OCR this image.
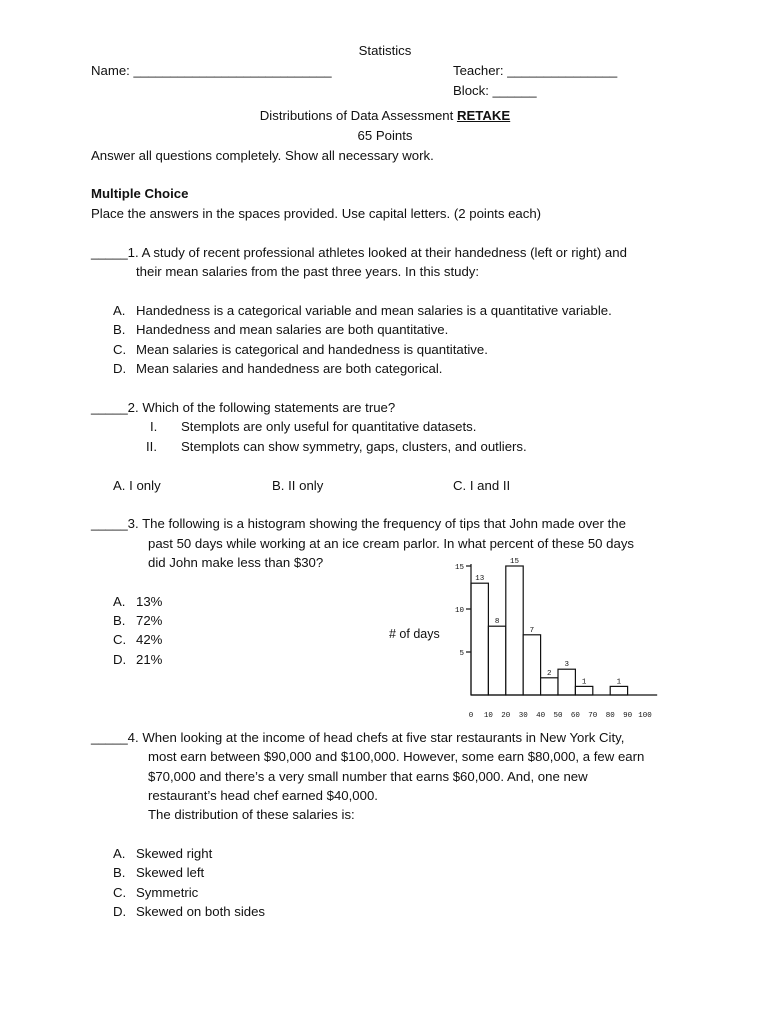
Statistics
Name: ___________________________	Teacher: _______________
Block: ______
Distributions of Data Assessment RETAKE
65 Points
Answer all questions completely. Show all necessary work.
Multiple Choice
Place the answers in the spaces provided. Use capital letters. (2 points each)
_____1. A study of recent professional athletes looked at their handedness (left or right) and
their mean salaries from the past three years. In this study:
A. Handedness is a categorical variable and mean salaries is a quantitative variable.
B. Handedness and mean salaries are both quantitative.
C. Mean salaries is categorical and handedness is quantitative.
D. Mean salaries and handedness are both categorical.
_____2. Which of the following statements are true?
I. Stemplots are only useful for quantitative datasets.
II. Stemplots can show symmetry, gaps, clusters, and outliers.
A. I only	B. II only	C. I and II
_____3. The following is a histogram showing the frequency of tips that John made over the
past 50 days while working at an ice cream parlor. In what percent of these 50 days
did John make less than $30?
A. 13%
B. 72%
C. 42%
D. 21%
# of days
13
8
15
7
2
3
1	1
15
10
5
0 10 20 30 40 50 60 70 80 90 100
_____4. When looking at the income of head chefs at five star restaurants in New York City,
most earn between $90,000 and $100,000. However, some earn $80,000, a few earn
$70,000 and there’s a very small number that earns $60,000. And, one new
restaurant’s head chef earned $40,000.
The distribution of these salaries is:
A. Skewed right
B. Skewed left
C. Symmetric
D. Skewed on both sides
